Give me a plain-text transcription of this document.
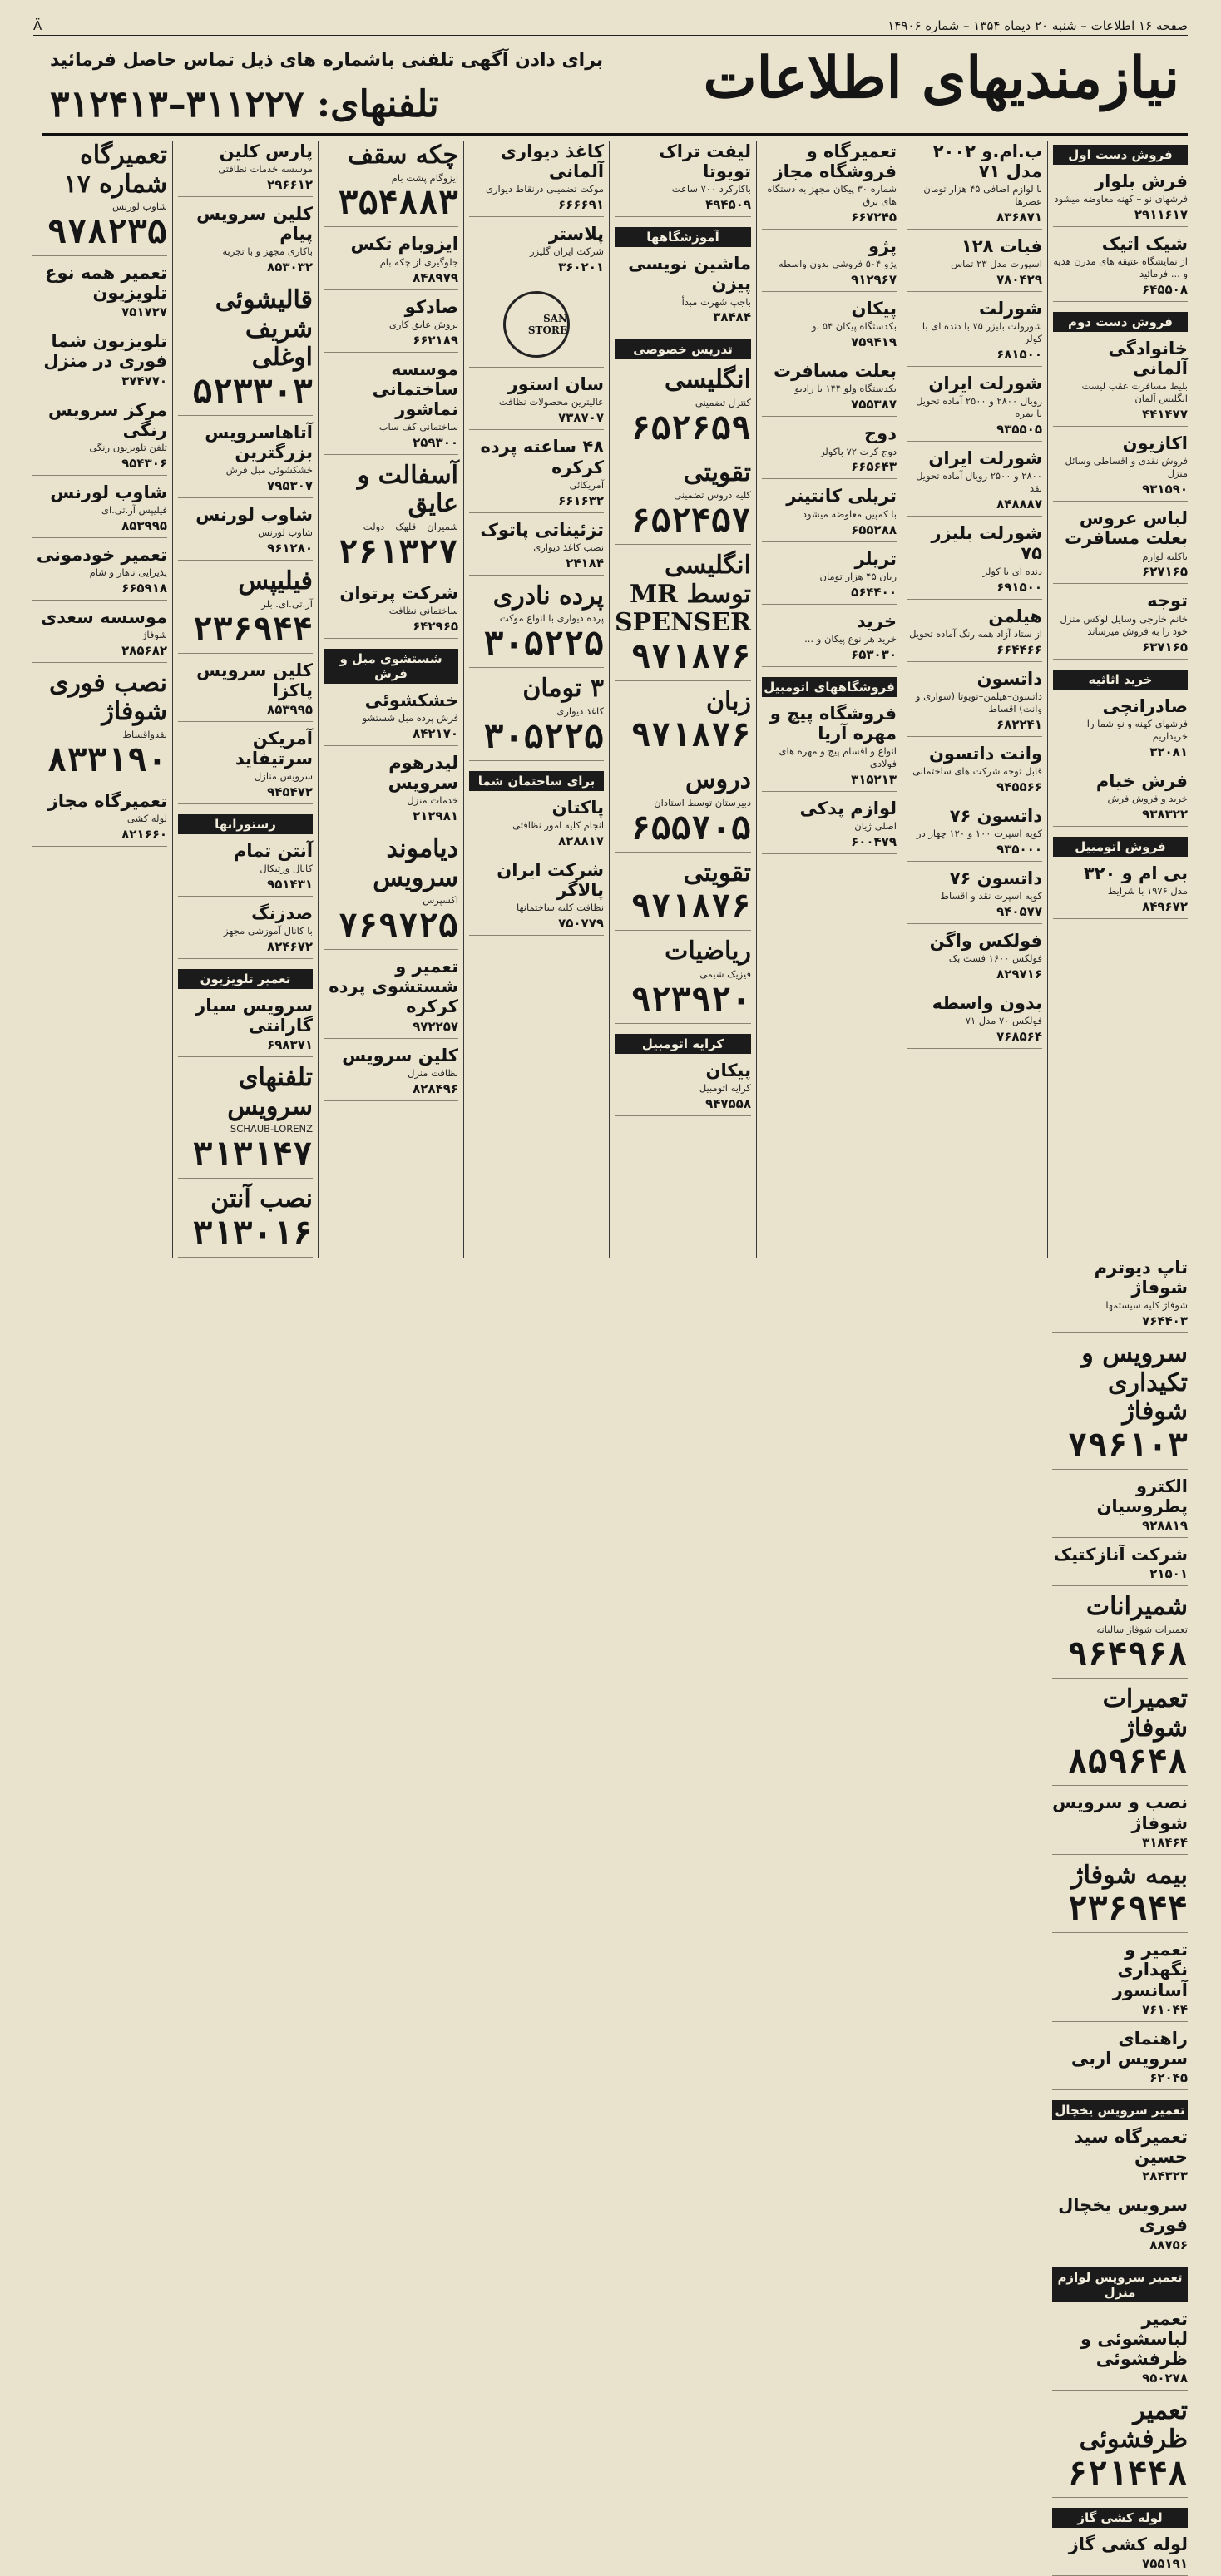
صفحه ۱۶ اطلاعات – شنبه ۲۰ دیماه ۱۳۵۴ – شماره ۱۴۹۰۶
Ä
نیازمندیهای اطلاعات
برای دادن آگهی تلفنی باشماره های ذیل تماس حاصل فرمائید
تلفنهای: ۳۱۱۲۲۷–۳۱۲۴۱۳
فروش دست اول
فرش بلوار
فرشهای نو – کهنه معاوضه میشود
۲۹۱۱۶۱۷
شیک اتیک
از نمایشگاه عتیقه های مدرن هدیه و ... فرمائید
۶۴۵۵۰۸
فروش دست دوم
خانوادگی آلمانی
بلیط مسافرت عقب لیست انگلیس آلمان
۴۴۱۴۷۷
اکازیون
فروش نقدی و اقساطی وسائل منزل
۹۳۱۵۹۰
لباس عروس بعلت مسافرت
باکلیه لوازم
۶۲۷۱۶۵
توجه
خانم خارجی وسایل لوکس منزل خود را به فروش میرساند
۶۳۷۱۶۵
خرید اثاثیه
صادرانچی
فرشهای کهنه و نو شما را خریداریم
۳۲۰۸۱
فرش خیام
خرید و فروش فرش
۹۳۸۳۲۲
فروش اتومبیل
بی ام و ۳۲۰
مدل ۱۹۷۶ با شرایط
۸۴۹۶۷۲
ب.ام.و ۲۰۰۲ مدل ۷۱
با لوازم اضافی ۴۵ هزار تومان عصرها
۸۳۶۸۷۱
فیات ۱۲۸
اسپورت مدل ۲۳ تماس
۷۸۰۴۲۹
شورلت
شورولت بلیزر ۷۵ با دنده ای با کولر
۶۸۱۵۰۰
شورلت ایران
رویال ۲۸۰۰ و ۲۵۰۰ آماده تحویل یا بمره
۹۳۵۵۰۵
شورلت ایران
۲۸۰۰ و ۲۵۰۰ رویال آماده تحویل نقد
۸۴۸۸۸۷
شورلت بلیزر ۷۵
دنده ای با کولر
۶۹۱۵۰۰
هیلمن
از ستاد آزاد همه رنگ آماده تحویل
۶۶۴۴۶۶
داتسون
داتسون–هیلمن–تویوتا (سواری و وانت) اقساط
۶۸۲۲۴۱
وانت داتسون
قابل توجه شرکت های ساختمانی
۹۴۵۵۶۶
داتسون ۷۶
کوپه اسپرت ۱۰۰ و ۱۲۰ چهار در
۹۳۵۰۰۰
داتسون ۷۶
کوپه اسپرت نقد و اقساط
۹۴۰۵۷۷
فولکس واگن
فولکس ۱۶۰۰ فست بک
۸۲۹۷۱۶
بدون واسطه
فولکس ۷۰ مدل ۷۱
۷۶۸۵۶۴
تعمیرگاه و فروشگاه مجاز
شماره ۳۰ پیکان مجهز به دستگاه های برق
۶۶۷۲۴۵
پژو
پژو ۵۰۴ فروشی بدون واسطه
۹۱۲۹۶۷
پیکان
بکدستگاه پیکان ۵۴ نو
۷۵۹۴۱۹
بعلت مسافرت
بکدستگاه ولو ۱۴۴ با رادیو
۷۵۵۳۸۷
دوج
دوج کرت ۷۲ باکولر
۶۶۵۶۴۳
تریلی کانتینر
با کمپین معاوضه میشود
۶۵۵۲۸۸
تریلر
زیان ۴۵ هزار تومان
۵۶۴۴۰۰
خرید
خرید هر نوع پیکان و ...
۶۵۳۰۳۰
فروشگاههای اتومبیل
فروشگاه پیچ و مهره آریا
انواع و اقسام پیچ و مهره های فولادی
۳۱۵۲۱۳
لوازم پدکی
اصلی ژیان
۶۰۰۴۷۹
لیفت تراک تویوتا
باکارکرد ۷۰۰ ساعت
۴۹۴۵۰۹
آموزشگاهها
ماشین نویسی پیزن
باجپ شهرت مبدأ
۳۸۴۸۴
تدریس خصوصی
انگلیسی
کنترل تضمینی
۶۵۲۶۵۹
تقویتی
کلیه دروس تضمینی
۶۵۲۴۵۷
انگلیسی توسط MR SPENSER
۹۷۱۸۷۶
زبان
۹۷۱۸۷۶
دروس
دبیرستان توسط استادان
۶۵۵۷۰۵
تقویتی
۹۷۱۸۷۶
ریاضیات
فیزیک شیمی
۹۲۳۹۲۰
کرایه اتومبیل
پیکان
کرایه اتومبیل
۹۴۷۵۵۸
کاغذ دیواری آلمانی
موکت تضمینی درنقاط دیواری
۶۶۶۶۹۱
پلاستر
شرکت ایران گلیزر
۳۶۰۲۰۱
SAN STORE
سان استور
عالیترین محصولات نظافت
۷۳۸۷۰۷
۴۸ ساعته پرده کرکره
آمریکائی
۶۶۱۶۳۲
تزئیناتی پاتوک
نصب کاغذ دیواری
۲۴۱۸۴
پرده نادری
پرده دیواری با انواع موکت
۳۰۵۲۲۵
۳ تومان
کاغذ دیواری
۳۰۵۲۲۵
برای ساختمان شما
پاکتان
انجام کلیه امور نظافتی
۸۲۸۸۱۷
شرکت ایران پالاگر
نظافت کلیه ساختمانها
۷۵۰۷۷۹
چکه سقف
ایزوگام پشت بام
۳۵۴۸۸۳
ایزوبام تکس
جلوگیری از چکه بام
۸۴۸۹۷۹
صادکو
بروش عایق کاری
۶۶۲۱۸۹
موسسه ساختمانی نماشور
ساختمانی کف ساب
۲۵۹۳۰۰
آسفالت و عایق
شمیران – قلهک – دولت
۲۶۱۳۲۷
شرکت پرتوان
ساختمانی نظافت
۶۴۲۹۶۵
شستشوی مبل و فرش
خشکشوئی
فرش پرده مبل شستشو
۸۴۲۱۷۰
لیدرهوم سرویس
خدمات منزل
۲۱۲۹۸۱
دیاموند سرویس
اکسپرس
۷۶۹۷۲۵
تعمیر و شستشوی پرده کرکره
۹۷۲۲۵۷
کلین سرویس
نظافت منزل
۸۲۸۴۹۶
پارس کلین
موسسه خدمات نظافتی
۲۹۶۶۱۲
کلین سرویس پیام
باکاری مجهز و با تجربه
۸۵۳۰۳۲
قالیشوئی شریف اوغلی
۵۲۳۳۰۳
آتاهاسرویس بزرگترین
خشکشوئی مبل فرش
۷۹۵۳۰۷
شاوب لورنس
شاوب لورنس
۹۶۱۲۸۰
فیلیپس
آر.تی.ای. بلر
۲۳۶۹۴۴
کلین سرویس پاکزا
۸۵۳۹۹۵
آمریکن سرتیفاید
سرویس منازل
۹۴۵۴۷۲
رستورانها
آنتن تمام
کانال ورتیکال
۹۵۱۴۳۱
صدزنگ
با کانال آموزشی مجهز
۸۲۴۶۷۲
تعمیر تلویزیون
سرویس سیار گارانتی
۶۹۸۳۷۱
تلفنهای سرویس
SCHAUB-LORENZ
۳۱۳۱۴۷
نصب آنتن
۳۱۳۰۱۶
تعمیرگاه شماره ۱۷
شاوب لورنس
۹۷۸۲۳۵
تعمیر همه نوع تلویزیون
۷۵۱۷۲۷
تلویزیون شما فوری در منزل
۳۷۴۷۷۰
مرکز سرویس رنگی
تلفن تلویزیون رنگی
۹۵۴۳۰۶
شاوب لورنس
فیلیپس آر.تی.ای
۸۵۳۹۹۵
تعمیر خودمونی
پذیرایی ناهار و شام
۶۶۵۹۱۸
موسسه سعدی
شوفاژ
۲۸۵۶۸۲
نصب فوری شوفاژ
نقدواقساط
۸۳۳۱۹۰
تعمیرگاه مجاز
لوله کشی
۸۲۱۶۶۰
تاپ دیوترم شوفاژ
شوفاژ کلیه سیستمها
۷۶۴۴۰۳
سرویس و تکیداری شوفاژ
۷۹۶۱۰۳
الکترو پطروسیان
۹۲۸۸۱۹
شرکت آنازکتیک
۲۱۵۰۱
شمیرانات
تعمیرات شوفاژ سالیانه
۹۶۴۹۶۸
تعمیرات شوفاژ
۸۵۹۶۴۸
نصب و سرویس شوفاژ
۳۱۸۴۶۴
بیمه شوفاژ
۲۳۶۹۴۴
تعمیر و نگهداری آسانسور
۷۶۱۰۴۴
راهنمای سرویس اربی
۶۲۰۴۵
تعمیر سرویس یخچال
تعمیرگاه سید حسین
۲۸۴۳۲۳
سرویس یخچال فوری
۸۸۷۵۶
تعمیر سرویس لوازم منزل
تعمیر لباسشوئی و ظرفشوئی
۹۵۰۲۷۸
تعمیر ظرفشوئی
۶۲۱۴۴۸
لوله کشی گاز
لوله کشی گاز
۷۵۵۱۹۱
